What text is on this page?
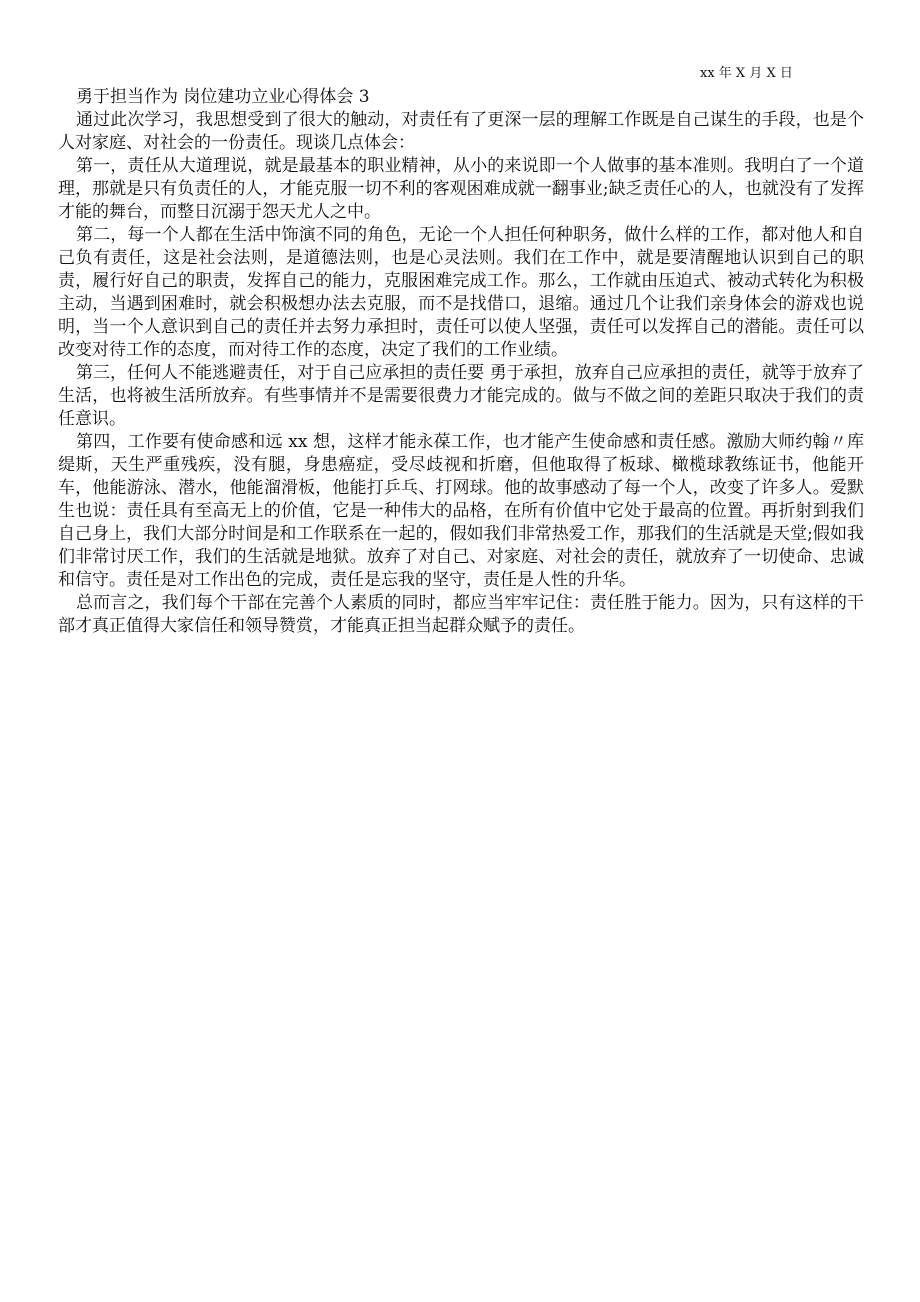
xx 年 X 月 X 日

勇于担当作为 岗位建功立业心得体会 3

通过此次学习，我思想受到了很大的触动，对责任有了更深一层的理解工作既是自己谋生的手段，也是个人对家庭、对社会的一份责任。现谈几点体会：

第一，责任从大道理说，就是最基本的职业精神，从小的来说即一个人做事的基本准则。我明白了一个道理，那就是只有负责任的人，才能克服一切不利的客观困难成就一翻事业;缺乏责任心的人，也就没有了发挥才能的舞台，而整日沉溺于怨天尤人之中。

第二，每一个人都在生活中饰演不同的角色，无论一个人担任何种职务，做什么样的工作，都对他人和自己负有责任，这是社会法则，是道德法则，也是心灵法则。我们在工作中，就是要清醒地认识到自己的职责，履行好自己的职责，发挥自己的能力，克服困难完成工作。那么，工作就由压迫式、被动式转化为积极主动，当遇到困难时，就会积极想办法去克服，而不是找借口，退缩。通过几个让我们亲身体会的游戏也说明，当一个人意识到自己的责任并去努力承担时，责任可以使人坚强，责任可以发挥自己的潜能。责任可以改变对待工作的态度，而对待工作的态度，决定了我们的工作业绩。

第三，任何人不能逃避责任，对于自己应承担的责任要 勇于承担，放弃自己应承担的责任，就等于放弃了生活，也将被生活所放弃。有些事情并不是需要很费力才能完成的。做与不做之间的差距只取决于我们的责任意识。

第四，工作要有使命感和远 xx 想，这样才能永葆工作，也才能产生使命感和责任感。激励大师约翰〃库缇斯，天生严重残疾，没有腿，身患癌症，受尽歧视和折磨，但他取得了板球、橄榄球教练证书，他能开车，他能游泳、潜水，他能溜滑板，他能打乒乓、打网球。他的故事感动了每一个人，改变了许多人。爱默生也说：责任具有至高无上的价值，它是一种伟大的品格，在所有价值中它处于最高的位置。再折射到我们自己身上，我们大部分时间是和工作联系在一起的，假如我们非常热爱工作，那我们的生活就是天堂;假如我们非常讨厌工作，我们的生活就是地狱。放弃了对自己、对家庭、对社会的责任，就放弃了一切使命、忠诚和信守。责任是对工作出色的完成，责任是忘我的坚守，责任是人性的升华。

总而言之，我们每个干部在完善个人素质的同时，都应当牢牢记住：责任胜于能力。因为，只有这样的干部才真正值得大家信任和领导赞赏，才能真正担当起群众赋予的责任。
